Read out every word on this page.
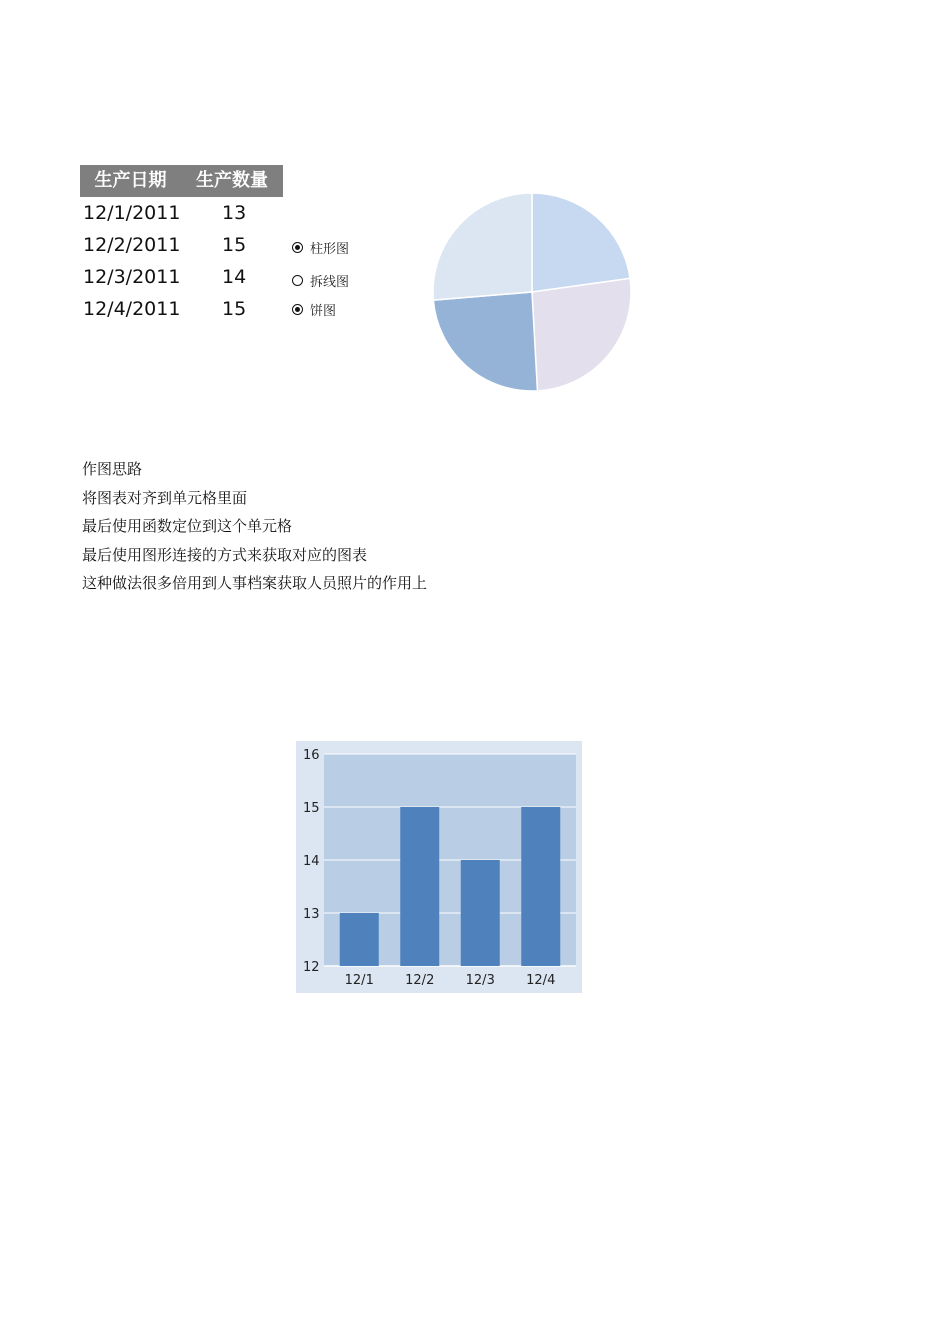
生产日期	生产数量
12/1/2011	13
12/2/2011	15
12/3/2011	14
12/4/2011	15
柱形图
拆线图
饼图
作图思路
将图表对齐到单元格里面
最后使用函数定位到这个单元格
最后使用图形连接的方式来获取对应的图表
这种做法很多倍用到人事档案获取人员照片的作用上
12
13
14
15
16
12/1 12/2 12/3 12/4
